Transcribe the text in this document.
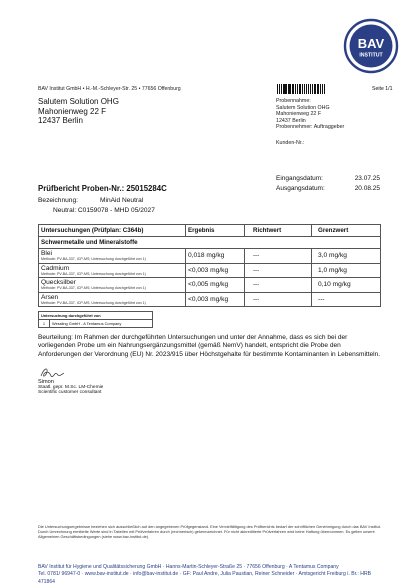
BAV
INSTITUT
BAV Institut GmbH • H.-M.-Schleyer-Str. 25 • 77656 Offenburg	Seite 1/1
Salutem Solution OHG
Mahonienweg 22 F
12437 Berlin
Probennahme:
Salutem Solution OHG
Mahonienweg 22 F
12437 Berlin
Probennehmer: Auftraggeber
Kunden-Nr.:
Eingangsdatum:	23.07.25
Ausgangsdatum:	20.08.25
Prüfbericht Proben-Nr.: 25015284C
Bezeichnung:	MinAid Neutral
Neutral: C0159078 - MHD 05/2027
Untersuchungen (Prüfplan: C364b)	Ergebnis	Richtwert	Grenzwert
Schwermetalle und Mineralstoffe			

Blei
Methode: PV-BA-337, ICP-MS; Untersuchung durchgeführt von 1)	0,018 mg/kg	---	3,0 mg/kg

Cadmium
Methode: PV-BA-337, ICP-MS; Untersuchung durchgeführt von 1)	<0,003 mg/kg	---	1,0 mg/kg

Quecksilber
Methode: PV-BA-337, ICP-MS; Untersuchung durchgeführt von 1)	<0,005 mg/kg	---	0,10 mg/kg

Arsen
Methode: PV-BA-337, ICP-MS; Untersuchung durchgeführt von 1)	<0,003 mg/kg	---	---
Untersuchung durchgeführt von
1	Wessling GmbH - A Tentamus Company
Beurteilung: Im Rahmen der durchgeführten Untersuchungen und unter der Annahme, dass es sich bei der vorliegenden Probe um ein Nahrungsergänzungsmittel (gemäß NemV) handelt, entspricht die Probe den Anforderungen der Verordnung (EU) Nr. 2023/915 über Höchstgehalte für bestimmte Kontaminanten in Lebensmitteln.
Simon
Staatl. gepr. M.Sc. LM-Chemie
Scientific customer consultant
Die Untersuchungsergebnisse beziehen sich ausschließlich auf den angegebenen Prüfgegenstand. Eine Vervielfältigung des Prüfberichts bedarf der schriftlichen Genehmigung durch das BAV Institut. Durch Umrechnung ermittelte Werte sind in Tabellen mit Prüfverfahren durch (rechnerisch) gekennzeichnet. Für nicht akkreditierte Prüfverfahren wird keine Haftung übernommen. Es gelten unsere Allgemeinen Geschäftsbedingungen (siehe www.bav-institut.de).
BAV Institut für Hygiene und Qualitätssicherung GmbH · Hanns-Martin-Schleyer-Straße 25 · 77656 Offenburg · A Tentamus Company
Tel. 0781/ 96947-0 · www.bav-institut.de · info@bav-institut.de · GF: Paul Andre, Julia Paustian, Reiner Schneider · Amtsgericht Freiburg i. Br.: HRB 471864
